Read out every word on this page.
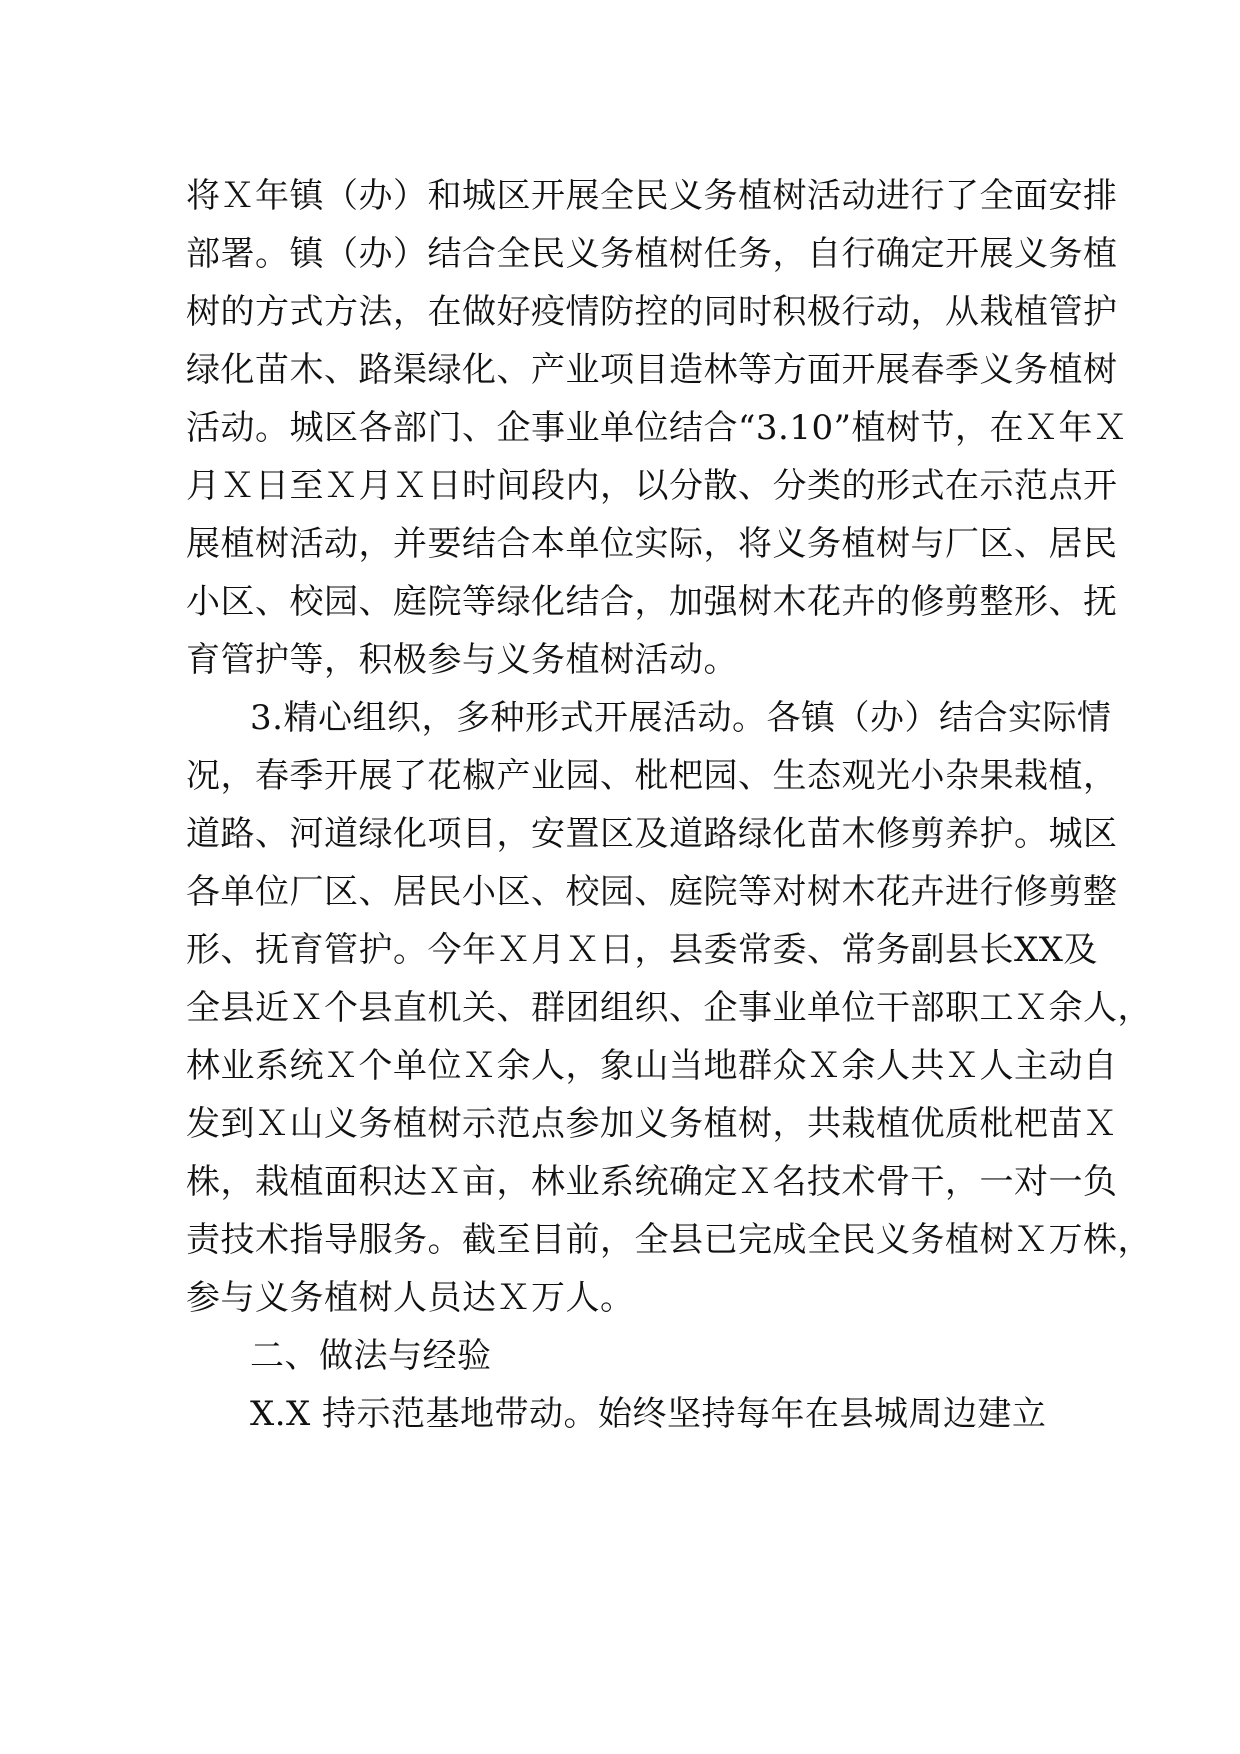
将Ｘ年镇（办）和城区开展全民义务植树活动进行了全面安排
部署。镇（办）结合全民义务植树任务，自行确定开展义务植
树的方式方法，在做好疫情防控的同时积极行动，从栽植管护
绿化苗木、路渠绿化、产业项目造林等方面开展春季义务植树
活动。城区各部门、企事业单位结合“3.10”植树节，在Ｘ年Ｘ
月Ｘ日至Ｘ月Ｘ日时间段内，以分散、分类的形式在示范点开
展植树活动，并要结合本单位实际，将义务植树与厂区、居民
小区、校园、庭院等绿化结合，加强树木花卉的修剪整形、抚
育管护等，积极参与义务植树活动。
3.精心组织，多种形式开展活动。各镇（办）结合实际情
况，春季开展了花椒产业园、枇杷园、生态观光小杂果栽植，
道路、河道绿化项目，安置区及道路绿化苗木修剪养护。城区
各单位厂区、居民小区、校园、庭院等对树木花卉进行修剪整
形、抚育管护。今年Ｘ月Ｘ日，县委常委、常务副县长XX及
全县近Ｘ个县直机关、群团组织、企事业单位干部职工Ｘ余人，
林业系统Ｘ个单位Ｘ余人，象山当地群众Ｘ余人共Ｘ人主动自
发到Ｘ山义务植树示范点参加义务植树，共栽植优质枇杷苗Ｘ
株，栽植面积达Ｘ亩，林业系统确定Ｘ名技术骨干，一对一负
责技术指导服务。截至目前，全县已完成全民义务植树Ｘ万株，
参与义务植树人员达Ｘ万人。
二、做法与经验
X.X 持示范基地带动。始终坚持每年在县城周边建立
